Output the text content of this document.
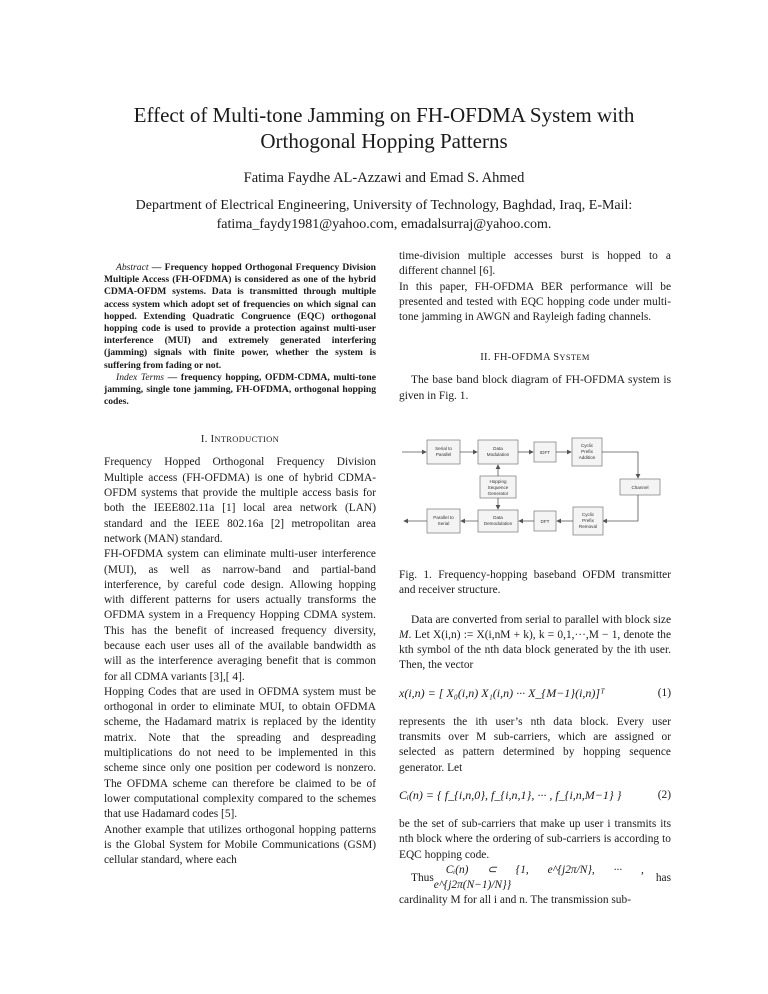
Effect of Multi-tone Jamming on FH-OFDMA System with
Orthogonal Hopping Patterns
Fatima Faydhe AL-Azzawi and Emad S. Ahmed
Department of Electrical Engineering, University of Technology, Baghdad, Iraq, E-Mail:
fatima_faydy1981@yahoo.com, emadalsurraj@yahoo.com.

Abstract — Frequency hopped Orthogonal Frequency Division Multiple Access (FH-OFDMA) is considered as one of the hybrid CDMA-OFDM systems. Data is transmitted through multiple access system which adopt set of frequencies on which signal can hopped. Extending Quadratic Congruence (EQC) orthogonal hopping code is used to provide a protection against multi-user interference (MUI) and extremely generated interfering (jamming) signals with finite power, whether the system is suffering from fading or not.

Index Terms — frequency hopping, OFDM-CDMA, multi-tone jamming, single tone jamming, FH-OFDMA, orthogonal hopping codes.

I. INTRODUCTION

Frequency Hopped Orthogonal Frequency Division Multiple access (FH-OFDMA) is one of hybrid CDMA-OFDM systems that provide the multiple access basis for both the IEEE802.11a [1] local area network (LAN) standard and the IEEE 802.16a [2] metropolitan area network (MAN) standard.

FH-OFDMA system can eliminate multi-user interference (MUI), as well as narrow-band and partial-band interference, by careful code design. Allowing hopping with different patterns for users actually transforms the OFDMA system in a Frequency Hopping CDMA system. This has the benefit of increased frequency diversity, because each user uses all of the available bandwidth as will as the interference averaging benefit that is common for all CDMA variants [3],[ 4].

Hopping Codes that are used in OFDMA system must be orthogonal in order to eliminate MUI, to obtain OFDMA scheme, the Hadamard matrix is replaced by the identity matrix. Note that the spreading and despreading multiplications do not need to be implemented in this scheme since only one position per codeword is nonzero. The OFDMA scheme can therefore be claimed to be of lower computational complexity compared to the schemes that use Hadamard codes [5].

Another example that utilizes orthogonal hopping patterns is the Global System for Mobile Communications (GSM) cellular standard, where each

time-division multiple accesses burst is hopped to a different channel [6].

In this paper, FH-OFDMA BER performance will be presented and tested with EQC hopping code under multi-tone jamming in AWGN and Rayleigh fading channels.

II. FH-OFDMA SYSTEM

The base band block diagram of FH-OFDMA system is given in Fig. 1.

Serial to
Parallel
Data
Modulation	IDFT
Cyclic
Prefix
Addition
Channel
Hopping
Sequence
Generator
Cyclic
Prefix
Removal
DFT
Data
Demodulation
Parallel to
Serial
Fig. 1. Frequency-hopping baseband OFDM transmitter and receiver structure.

Data are converted from serial to parallel with block size M. Let X(i,n) := X(i,nM + k), k = 0,1,···,M − 1, denote the kth symbol of the nth data block generated by the ith user. Then, the vector

x(i,n) = [ X₀(i,n) X₁(i,n) ··· X_{M−1}(i,n)]ᵀ	(1)
represents the ith user’s nth data block. Every user transmits over M sub-carriers, which are assigned or selected as pattern determined by hopping sequence generator. Let
Cᵢ(n) = { f_{i,n,0}, f_{i,n,1}, ··· , f_{i,n,M−1} }	(2)
be the set of sub-carriers that make up user i transmits its nth block where the ordering of sub-carriers is according to EQC hopping code.

Thus
Cᵢ(n) ⊂ {1, e^{j2π/N}, ··· , e^{j2π(N−1)/N}}
has

cardinality M for all i and n. The transmission sub-
